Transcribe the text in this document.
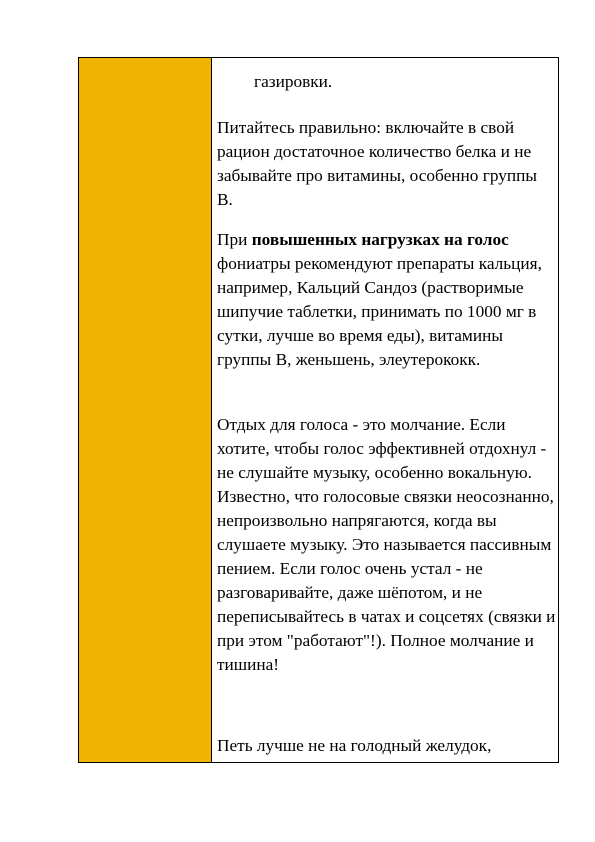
газировки.

Питайтесь правильно: включайте в свой рацион достаточное количество белка и не забывайте про витамины, особенно группы В.

При повышенных нагрузках на голос фониатры рекомендуют препараты кальция, например, Кальций Сандоз (растворимые шипучие таблетки, принимать по 1000 мг в сутки, лучше во время еды), витамины группы В, женьшень, элеутерококк.

Отдых для голоса - это молчание. Если хотите, чтобы голос эффективней отдохнул - не слушайте музыку, особенно вокальную. Известно, что голосовые связки неосознанно, непроизвольно напрягаются, когда вы слушаете музыку. Это называется пассивным пением. Если голос очень устал - не разговаривайте, даже шёпотом, и не переписывайтесь в чатах и соцсетях (связки и при этом "работают"!). Полное молчание и тишина!

Петь лучше не на голодный желудок,
